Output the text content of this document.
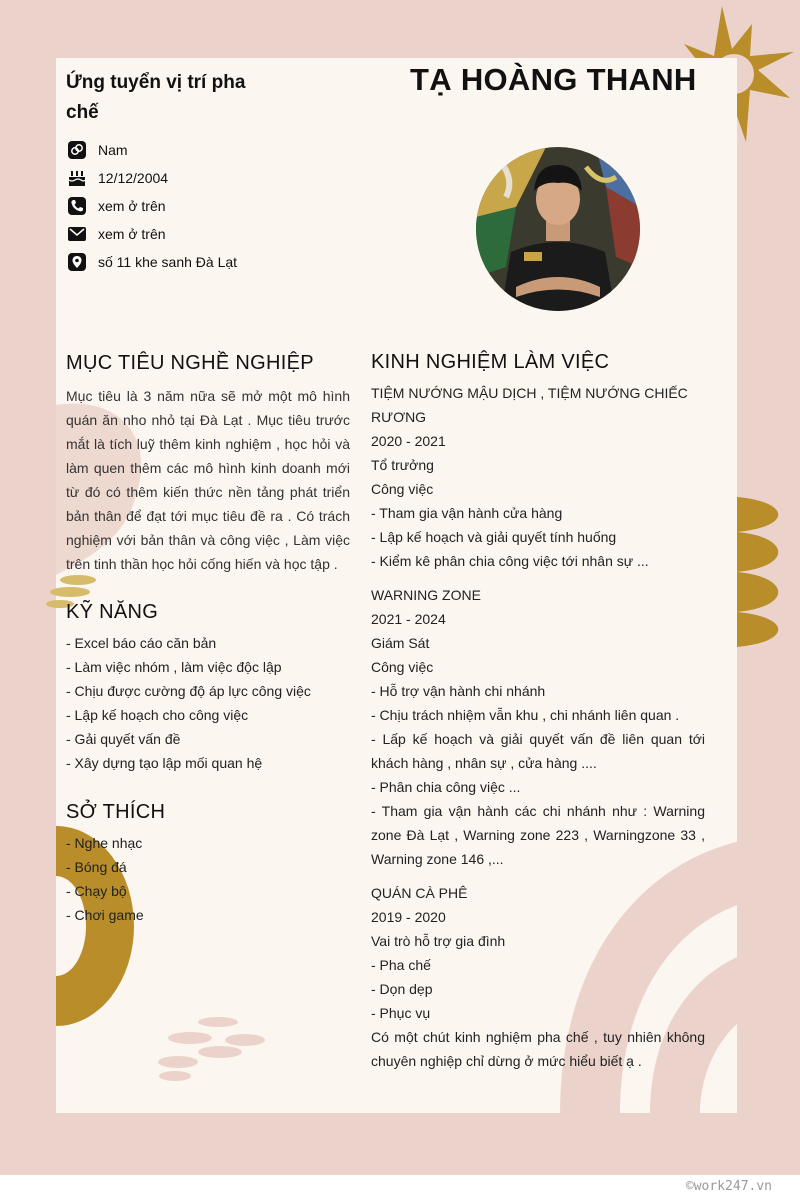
TẠ HOÀNG THANH
Ứng tuyển vị trí pha chế
Nam
12/12/2004
xem ở trên
xem ở trên
số 11 khe sanh Đà Lạt
MỤC TIÊU NGHỀ NGHIỆP
Mục tiêu là 3 năm nữa sẽ mở một mô hình quán ăn nho nhỏ tại Đà Lạt . Mục tiêu trước mắt là tích luỹ thêm kinh nghiệm , học hỏi và làm quen thêm các mô hình kinh doanh mới từ đó có thêm kiến thức nền tảng phát triển bản thân để đạt tới mục tiêu đề ra . Có trách nghiệm với bản thân và công việc , Làm việc trên tinh thần học hỏi cống hiến và học tập .
KỸ NĂNG
- Excel báo cáo căn bản
- Làm việc nhóm , làm việc độc lập
- Chịu được cường độ áp lực công việc
- Lập kế hoạch cho công việc
- Gải quyết vấn đề
- Xây dựng tạo lập mối quan hệ
SỞ THÍCH
- Nghe nhạc
- Bóng đá
- Chạy bộ
- Chơi game
KINH NGHIỆM LÀM VIỆC
TIỆM NƯỚNG MẬU DỊCH , TIỆM NƯỚNG CHIẾC RƯƠNG
2020 - 2021
Tổ trưởng
Công việc
- Tham gia vận hành cửa hàng
- Lập kế hoạch và giải quyết tính huống
- Kiểm kê phân chia công việc tới nhân sự ...
WARNING ZONE
2021 - 2024
Giám Sát
Công việc
- Hỗ trợ vận hành chi nhánh
- Chịu trách nhiệm vẫn khu , chi nhánh liên quan .
- Lấp kế hoạch và giải quyết vấn đề liên quan tới khách hàng , nhân sự , cửa hàng ....
- Phân chia công việc ...
- Tham gia vận hành các chi nhánh như : Warning zone Đà Lạt , Warning zone 223 , Warningzone 33 , Warning zone 146 ,...
QUÁN CÀ PHÊ
2019 - 2020
Vai trò hỗ trợ gia đình
- Pha chế
- Dọn dẹp
- Phục vụ
Có một chút kinh nghiệm pha chế , tuy nhiên không chuyên nghiệp chỉ dừng ở mức hiểu biết ạ .
©work247.vn
